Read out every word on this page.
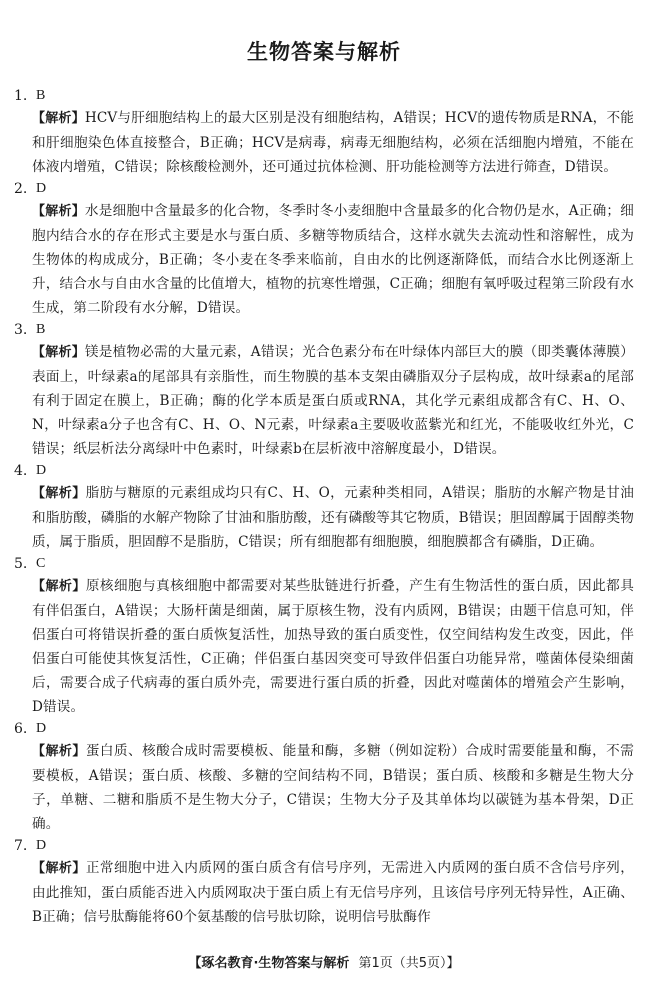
生物答案与解析
1. B

【解析】HCV与肝细胞结构上的最大区别是没有细胞结构，A错误；HCV的遗传物质是RNA，不能和肝细胞染色体直接整合，B正确；HCV是病毒，病毒无细胞结构，必须在活细胞内增殖，不能在体液内增殖，C错误；除核酸检测外，还可通过抗体检测、肝功能检测等方法进行筛查，D错误。

2. D

【解析】水是细胞中含量最多的化合物，冬季时冬小麦细胞中含量最多的化合物仍是水，A正确；细胞内结合水的存在形式主要是水与蛋白质、多糖等物质结合，这样水就失去流动性和溶解性，成为生物体的构成成分，B正确；冬小麦在冬季来临前，自由水的比例逐渐降低，而结合水比例逐渐上升，结合水与自由水含量的比值增大，植物的抗寒性增强，C正确；细胞有氧呼吸过程第三阶段有水生成，第二阶段有水分解，D错误。

3. B

【解析】镁是植物必需的大量元素，A错误；光合色素分布在叶绿体内部巨大的膜（即类囊体薄膜）表面上，叶绿素a的尾部具有亲脂性，而生物膜的基本支架由磷脂双分子层构成，故叶绿素a的尾部有利于固定在膜上，B正确；酶的化学本质是蛋白质或RNA，其化学元素组成都含有C、H、O、N，叶绿素a分子也含有C、H、O、N元素，叶绿素a主要吸收蓝紫光和红光，不能吸收红外光，C错误；纸层析法分离绿叶中色素时，叶绿素b在层析液中溶解度最小，D错误。

4. D

【解析】脂肪与糖原的元素组成均只有C、H、O，元素种类相同，A错误；脂肪的水解产物是甘油和脂肪酸，磷脂的水解产物除了甘油和脂肪酸，还有磷酸等其它物质，B错误；胆固醇属于固醇类物质，属于脂质，胆固醇不是脂肪，C错误；所有细胞都有细胞膜，细胞膜都含有磷脂，D正确。

5. C

【解析】原核细胞与真核细胞中都需要对某些肽链进行折叠，产生有生物活性的蛋白质，因此都具有伴侣蛋白，A错误；大肠杆菌是细菌，属于原核生物，没有内质网，B错误；由题干信息可知，伴侣蛋白可将错误折叠的蛋白质恢复活性，加热导致的蛋白质变性，仅空间结构发生改变，因此，伴侣蛋白可能使其恢复活性，C正确；伴侣蛋白基因突变可导致伴侣蛋白功能异常，噬菌体侵染细菌后，需要合成子代病毒的蛋白质外壳，需要进行蛋白质的折叠，因此对噬菌体的增殖会产生影响，D错误。

6. D

【解析】蛋白质、核酸合成时需要模板、能量和酶，多糖（例如淀粉）合成时需要能量和酶，不需要模板，A错误；蛋白质、核酸、多糖的空间结构不同，B错误；蛋白质、核酸和多糖是生物大分子，单糖、二糖和脂质不是生物大分子，C错误；生物大分子及其单体均以碳链为基本骨架，D正确。

7. D

【解析】正常细胞中进入内质网的蛋白质含有信号序列，无需进入内质网的蛋白质不含信号序列，由此推知，蛋白质能否进入内质网取决于蛋白质上有无信号序列，且该信号序列无特异性，A正确、B正确；信号肽酶能将60个氨基酸的信号肽切除，说明信号肽酶作

【琢名教育·生物答案与解析 第1页（共5页）】
